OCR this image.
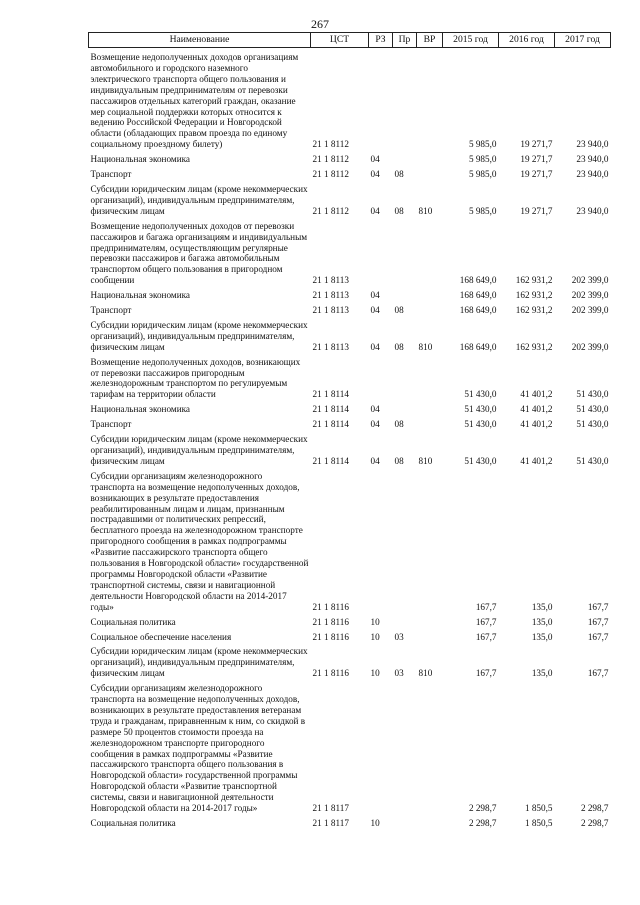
267
Наименование	ЦСТ	РЗ	Пр	ВР	2015 год	2016 год	2017 год
Возмещение недополученных доходов организациям автомобильного и городского наземного электрического транспорта общего пользования и индивидуальным предпринимателям от перевозки пассажиров отдельных категорий граждан, оказание мер социальной поддержки которых относится к ведению Российской Федерации и Новгородской области (обладающих правом проезда по единому социальному проездному билету)	21 1 8112				5 985,0	19 271,7	23 940,0
Национальная экономика	21 1 8112	04			5 985,0	19 271,7	23 940,0
Транспорт	21 1 8112	04	08		5 985,0	19 271,7	23 940,0
Субсидии юридическим лицам (кроме некоммерческих организаций), индивидуальным предпринимателям, физическим лицам	21 1 8112	04	08	810	5 985,0	19 271,7	23 940,0
Возмещение недополученных доходов от перевозки пассажиров и багажа организациям и индивидуальным предпринимателям, осуществляющим регулярные перевозки пассажиров и багажа автомобильным транспортом общего пользования в пригородном сообщении	21 1 8113				168 649,0	162 931,2	202 399,0
Национальная экономика	21 1 8113	04			168 649,0	162 931,2	202 399,0
Транспорт	21 1 8113	04	08		168 649,0	162 931,2	202 399,0
Субсидии юридическим лицам (кроме некоммерческих организаций), индивидуальным предпринимателям, физическим лицам	21 1 8113	04	08	810	168 649,0	162 931,2	202 399,0
Возмещение недополученных доходов, возникающих от перевозки пассажиров пригородным железнодорожным транспортом по регулируемым тарифам на территории области	21 1 8114				51 430,0	41 401,2	51 430,0
Национальная экономика	21 1 8114	04			51 430,0	41 401,2	51 430,0
Транспорт	21 1 8114	04	08		51 430,0	41 401,2	51 430,0
Субсидии юридическим лицам (кроме некоммерческих организаций), индивидуальным предпринимателям, физическим лицам	21 1 8114	04	08	810	51 430,0	41 401,2	51 430,0
Субсидии организациям железнодорожного транспорта на возмещение недополученных доходов, возникающих в результате предоставления реабилитированным лицам и лицам, признанным пострадавшими от политических репрессий, бесплатного проезда на железнодорожном транспорте пригородного сообщения в рамках подпрограммы «Развитие пассажирского транспорта общего пользования в Новгородской области» государственной программы Новгородской области «Развитие транспортной системы, связи и навигационной деятельности Новгородской области на 2014-2017 годы»	21 1 8116				167,7	135,0	167,7
Социальная политика	21 1 8116	10			167,7	135,0	167,7
Социальное обеспечение населения	21 1 8116	10	03		167,7	135,0	167,7
Субсидии юридическим лицам (кроме некоммерческих организаций), индивидуальным предпринимателям, физическим лицам	21 1 8116	10	03	810	167,7	135,0	167,7
Субсидии организациям железнодорожного транспорта на возмещение недополученных доходов, возникающих в результате предоставления ветеранам труда и гражданам, приравненным к ним, со скидкой в размере 50 процентов стоимости проезда на железнодорожном транспорте пригородного сообщения в рамках подпрограммы «Развитие пассажирского транспорта общего пользования в Новгородской области» государственной программы Новгородской области «Развитие транспортной системы, связи и навигационной деятельности Новгородской области на 2014-2017 годы»	21 1 8117				2 298,7	1 850,5	2 298,7
Социальная политика	21 1 8117	10			2 298,7	1 850,5	2 298,7
